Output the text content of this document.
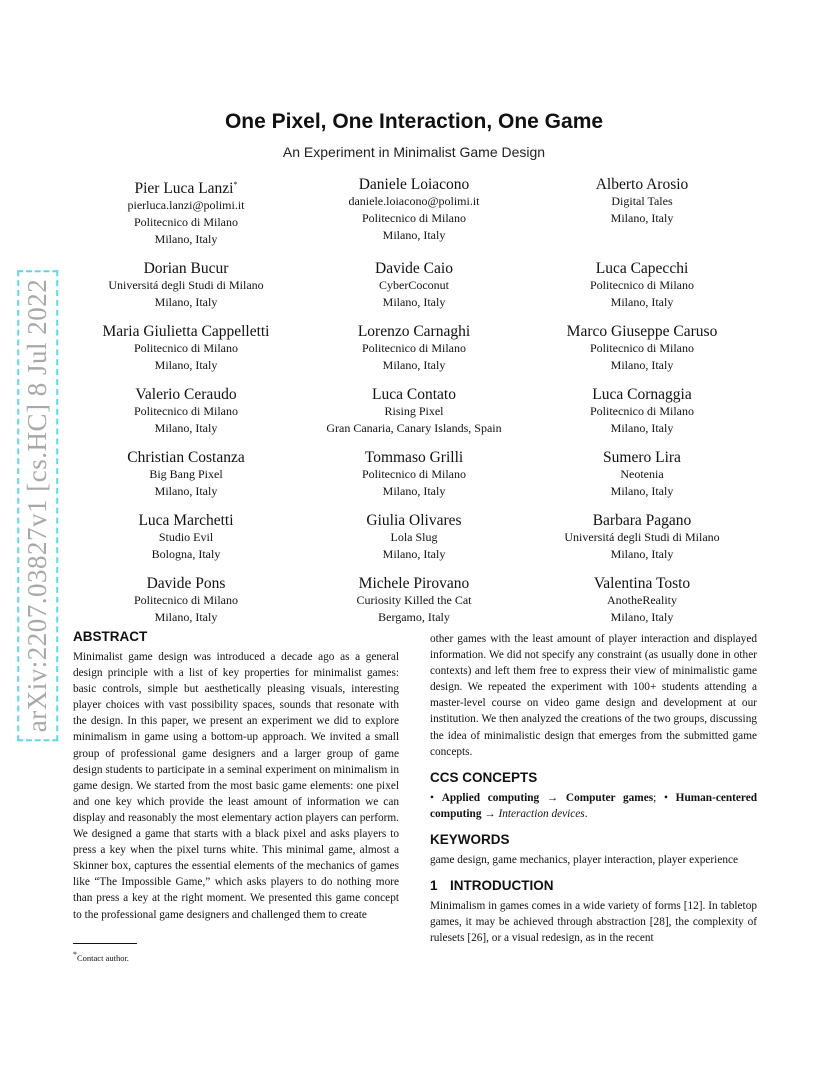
arXiv:2207.03827v1 [cs.HC] 8 Jul 2022
One Pixel, One Interaction, One Game
An Experiment in Minimalist Game Design
Pier Luca Lanzi*
pierluca.lanzi@polimi.it
Politecnico di Milano
Milano, Italy
Daniele Loiacono
daniele.loiacono@polimi.it
Politecnico di Milano
Milano, Italy
Alberto Arosio
Digital Tales
Milano, Italy
Dorian Bucur
Universitá degli Studi di Milano
Milano, Italy
Davide Caio
CyberCoconut
Milano, Italy
Luca Capecchi
Politecnico di Milano
Milano, Italy
Maria Giulietta Cappelletti
Politecnico di Milano
Milano, Italy
Lorenzo Carnaghi
Politecnico di Milano
Milano, Italy
Marco Giuseppe Caruso
Politecnico di Milano
Milano, Italy
Valerio Ceraudo
Politecnico di Milano
Milano, Italy
Luca Contato
Rising Pixel
Gran Canaria, Canary Islands, Spain
Luca Cornaggia
Politecnico di Milano
Milano, Italy
Christian Costanza
Big Bang Pixel
Milano, Italy
Tommaso Grilli
Politecnico di Milano
Milano, Italy
Sumero Lira
Neotenia
Milano, Italy
Luca Marchetti
Studio Evil
Bologna, Italy
Giulia Olivares
Lola Slug
Milano, Italy
Barbara Pagano
Universitá degli Studi di Milano
Milano, Italy
Davide Pons
Politecnico di Milano
Milano, Italy
Michele Pirovano
Curiosity Killed the Cat
Bergamo, Italy
Valentina Tosto
AnotheReality
Milano, Italy
ABSTRACT

Minimalist game design was introduced a decade ago as a general design principle with a list of key properties for minimalist games: basic controls, simple but aesthetically pleasing visuals, interesting player choices with vast possibility spaces, sounds that resonate with the design. In this paper, we present an experiment we did to explore minimalism in game using a bottom-up approach. We invited a small group of professional game designers and a larger group of game design students to participate in a seminal experiment on minimalism in game design. We started from the most basic game elements: one pixel and one key which provide the least amount of information we can display and reasonably the most elementary action players can perform. We designed a game that starts with a black pixel and asks players to press a key when the pixel turns white. This minimal game, almost a Skinner box, captures the essential elements of the mechanics of games like “The Impossible Game,” which asks players to do nothing more than press a key at the right moment. We presented this game concept to the professional game designers and challenged them to create

other games with the least amount of player interaction and displayed information. We did not specify any constraint (as usually done in other contexts) and left them free to express their view of minimalistic game design. We repeated the experiment with 100+ students attending a master-level course on video game design and development at our institution. We then analyzed the creations of the two groups, discussing the idea of minimalistic design that emerges from the submitted game concepts.

CCS CONCEPTS

• Applied computing → Computer games; • Human-centered computing → Interaction devices.

KEYWORDS

game design, game mechanics, player interaction, player experience

1 INTRODUCTION

Minimalism in games comes in a wide variety of forms [12]. In tabletop games, it may be achieved through abstraction [28], the complexity of rulesets [26], or a visual redesign, as in the recent

*Contact author.
